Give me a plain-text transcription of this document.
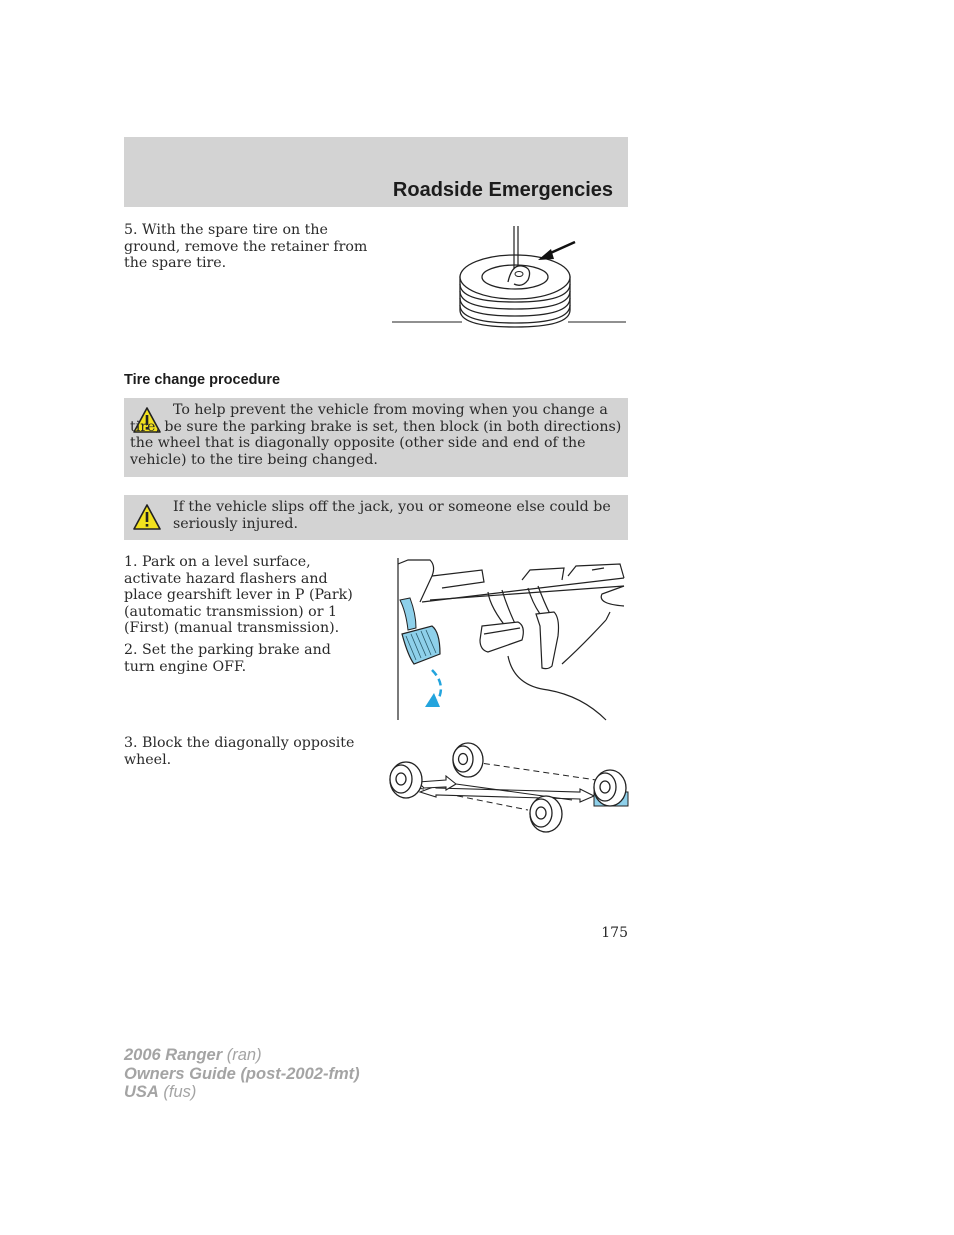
Roadside Emergencies
5. With the spare tire on the ground, remove the retainer from the spare tire.
Tire change procedure
To help prevent the vehicle from moving when you change a tire, be sure the parking brake is set, then block (in both directions) the wheel that is diagonally opposite (other side and end of the vehicle) to the tire being changed.
If the vehicle slips off the jack, you or someone else could be seriously injured.
1. Park on a level surface, activate hazard flashers and place gearshift lever in P (Park) (automatic transmission) or 1 (First) (manual transmission).
2. Set the parking brake and turn engine OFF.
3. Block the diagonally opposite wheel.
175
2006 Ranger (ran)
Owners Guide (post-2002-fmt)
USA (fus)
